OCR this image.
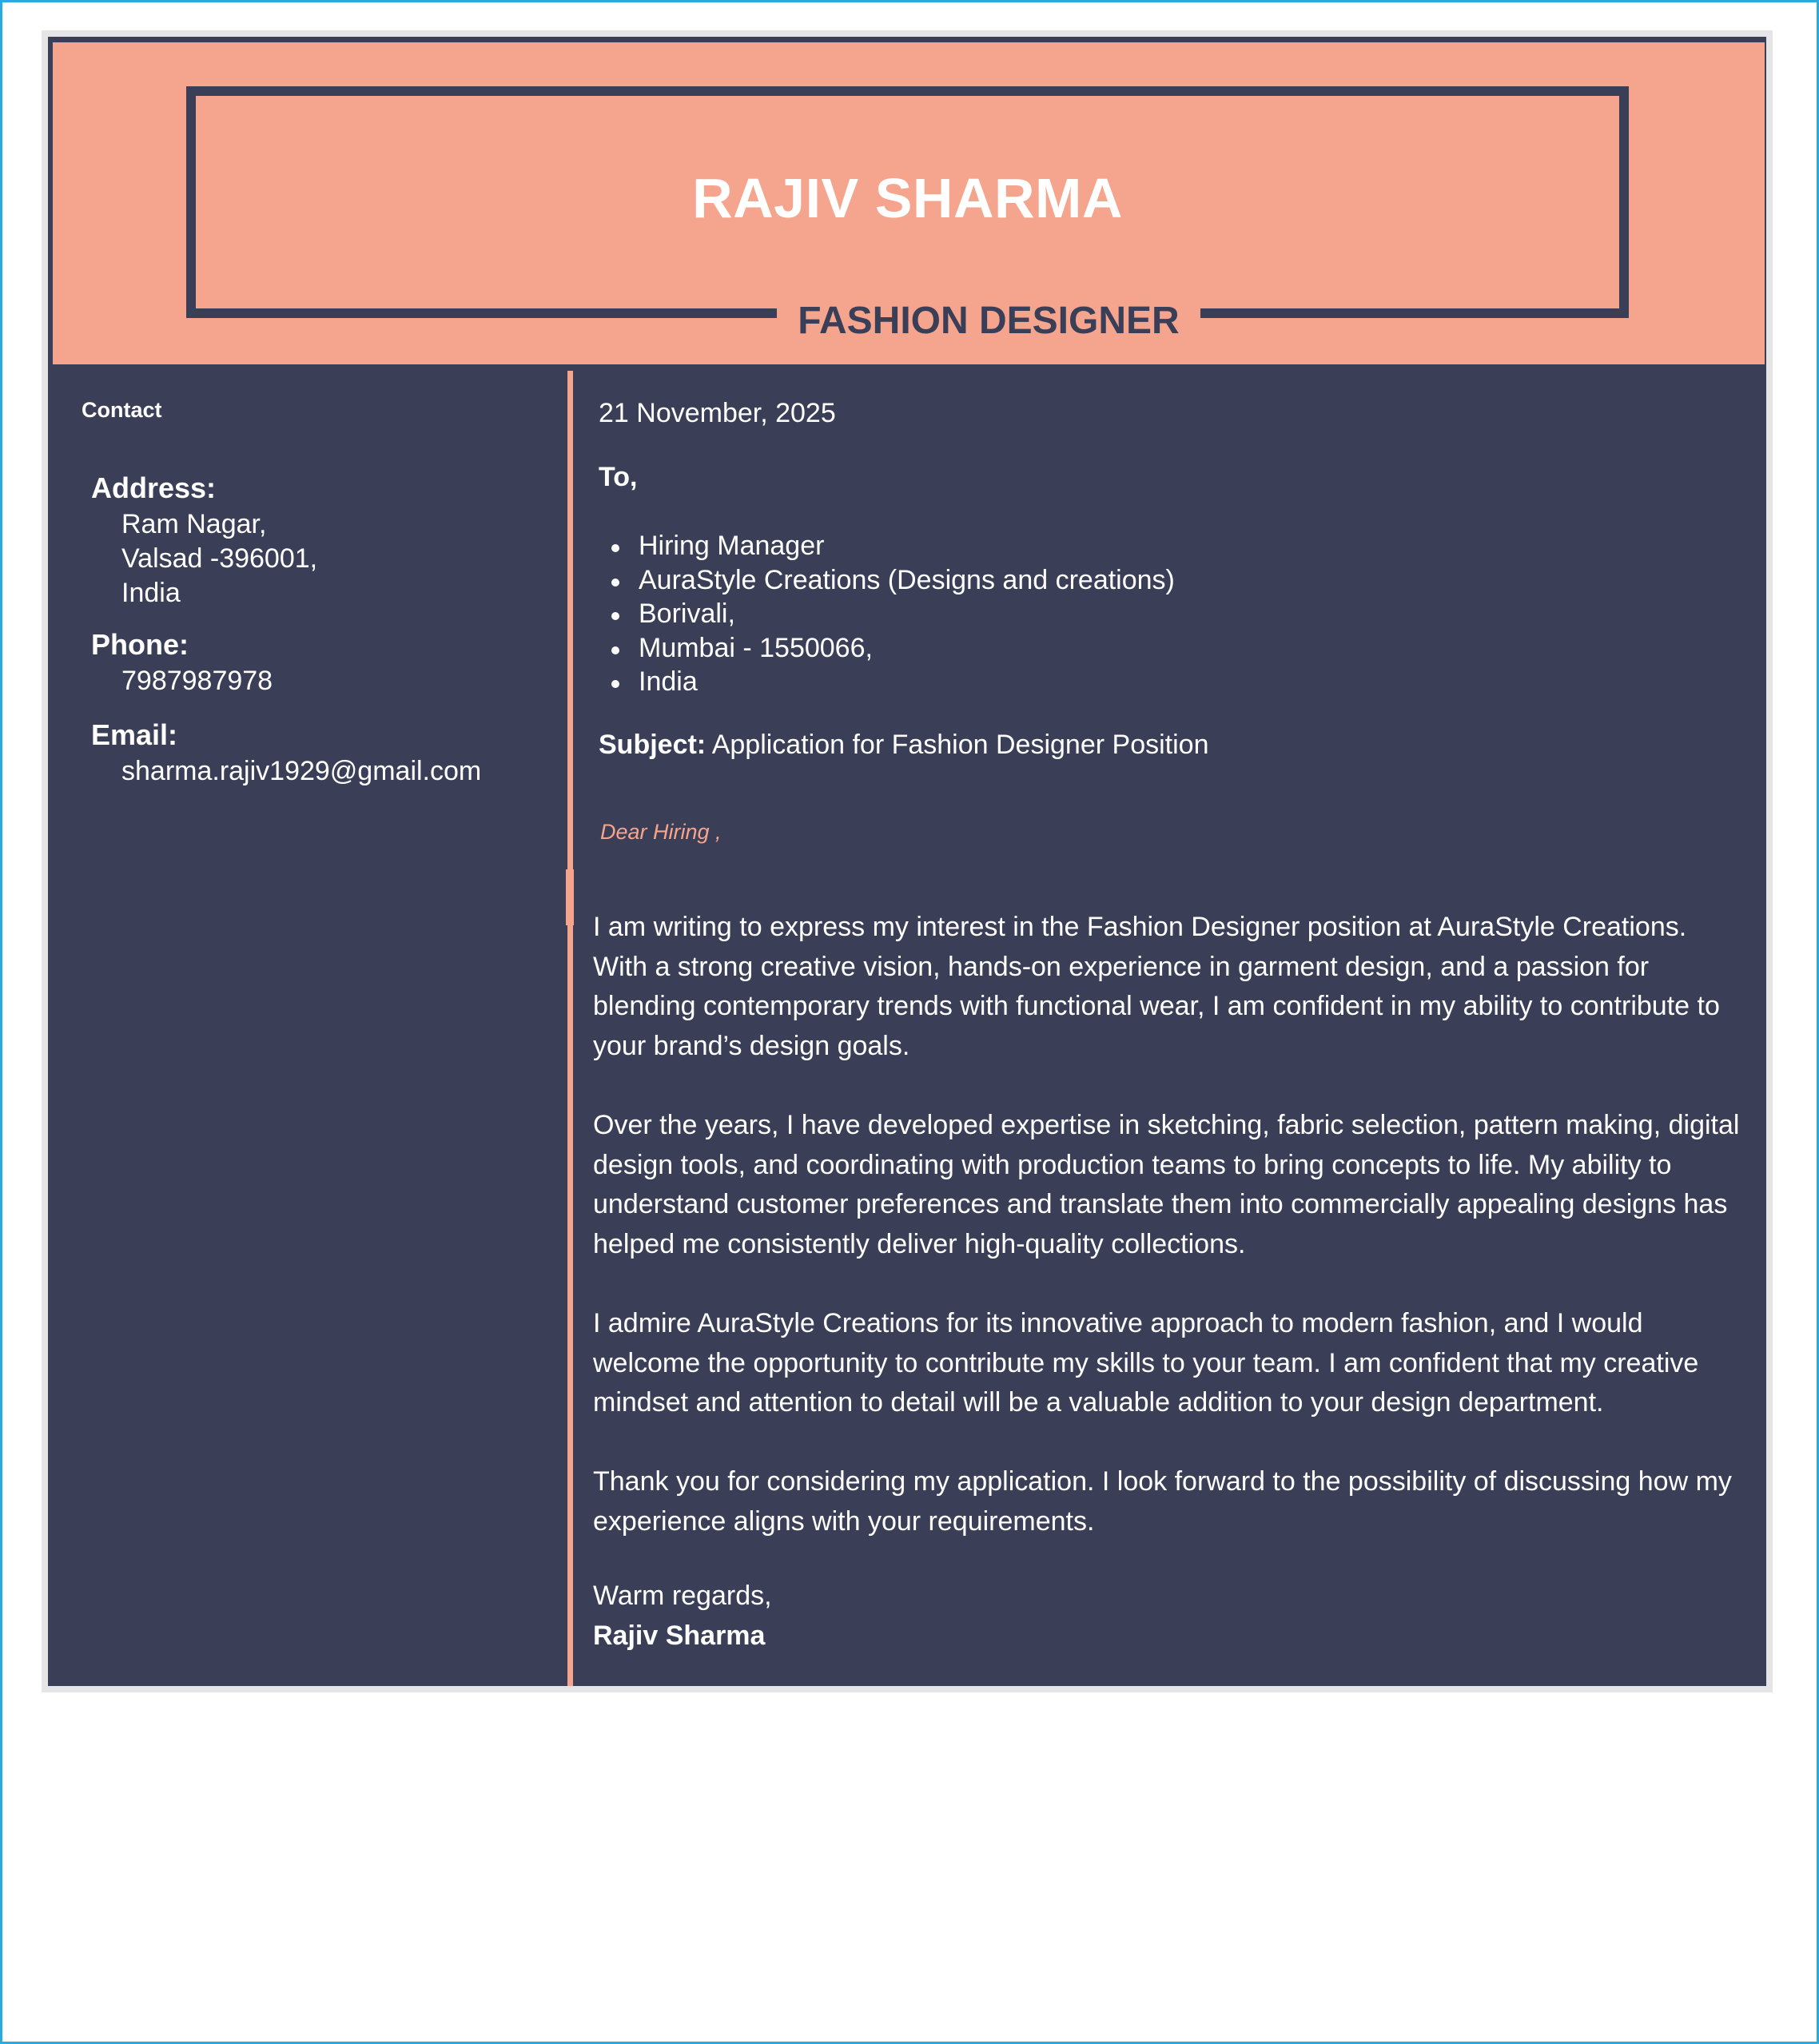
RAJIV SHARMA
FASHION DESIGNER
Contact
Address:
Ram Nagar,
Valsad -396001,
India
Phone:
7987987978
Email:
sharma.rajiv1929@gmail.com
21 November, 2025
To,
Hiring Manager
AuraStyle Creations (Designs and creations)
Borivali,
Mumbai - 1550066,
India
Subject: Application for Fashion Designer Position
Dear Hiring ,

I am writing to express my interest in the Fashion Designer position at AuraStyle Creations. With a strong creative vision, hands-on experience in garment design, and a passion for blending contemporary trends with functional wear, I am confident in my ability to contribute to your brand’s design goals.

Over the years, I have developed expertise in sketching, fabric selection, pattern making, digital design tools, and coordinating with production teams to bring concepts to life. My ability to understand customer preferences and translate them into commercially appealing designs has helped me consistently deliver high-quality collections.

I admire AuraStyle Creations for its innovative approach to modern fashion, and I would welcome the opportunity to contribute my skills to your team. I am confident that my creative mindset and attention to detail will be a valuable addition to your design department.

Thank you for considering my application. I look forward to the possibility of discussing how my experience aligns with your requirements.

Warm regards,
Rajiv Sharma
